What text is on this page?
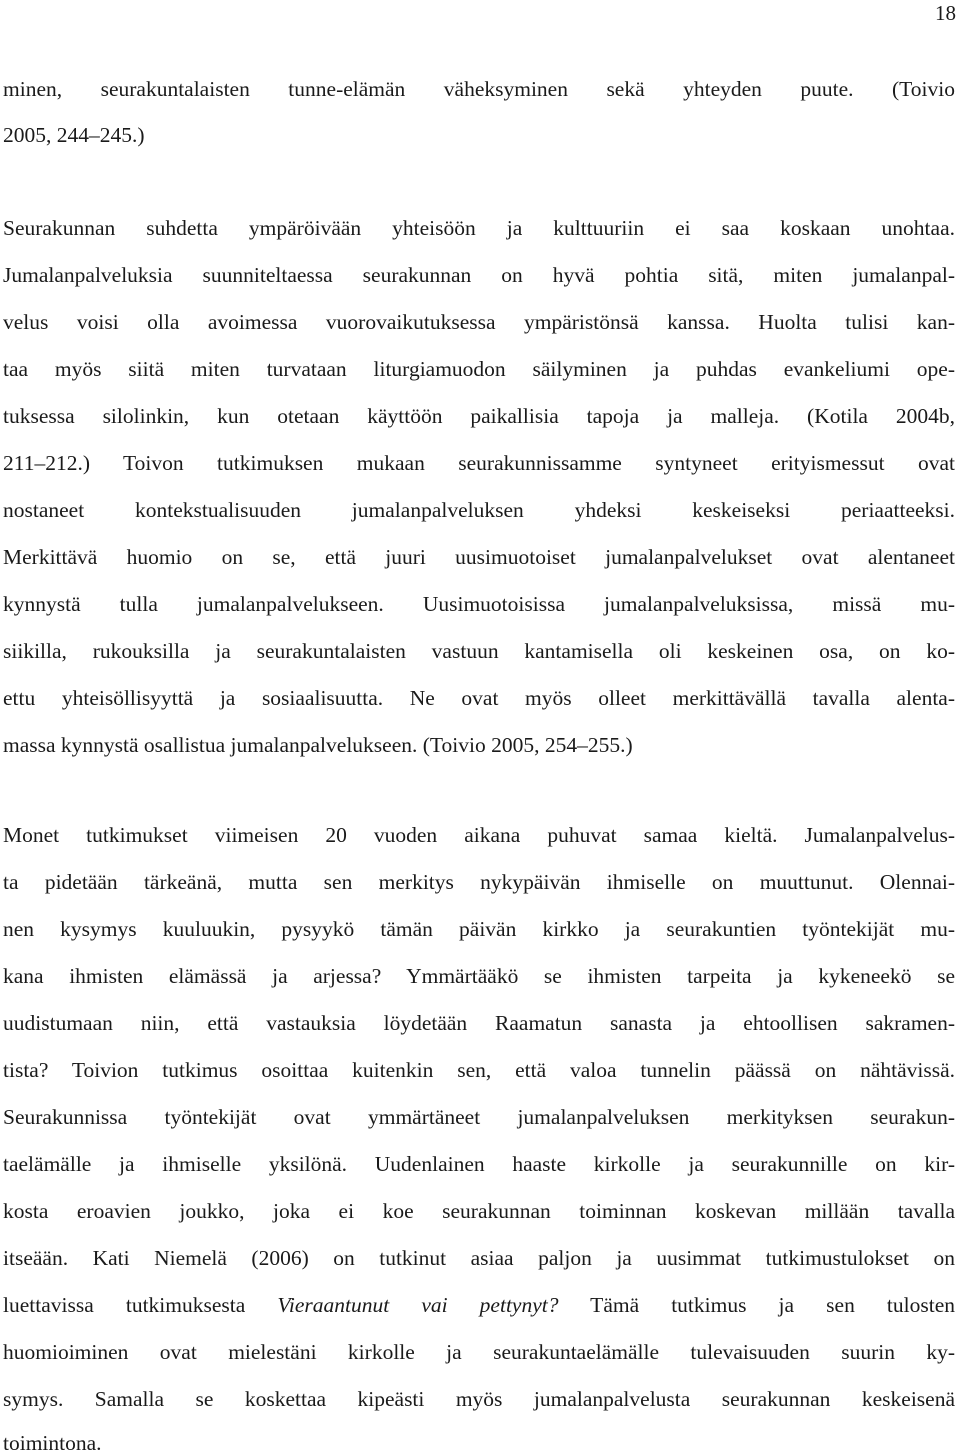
18
minen, seurakuntalaisten tunne-elämän väheksyminen sekä yhteyden puute. (Toivio
2005, 244–245.)
Seurakunnan suhdetta ympäröivään yhteisöön ja kulttuuriin ei saa koskaan unohtaa.
Jumalanpalveluksia suunniteltaessa seurakunnan on hyvä pohtia sitä, miten jumalanpal-
velus voisi olla avoimessa vuorovaikutuksessa ympäristönsä kanssa. Huolta tulisi kan-
taa myös siitä miten turvataan liturgiamuodon säilyminen ja puhdas evankeliumi ope-
tuksessa silolinkin, kun otetaan käyttöön paikallisia tapoja ja malleja. (Kotila 2004b,
211–212.) Toivon tutkimuksen mukaan seurakunnissamme syntyneet erityismessut ovat
nostaneet kontekstualisuuden jumalanpalveluksen yhdeksi keskeiseksi periaatteeksi.
Merkittävä huomio on se, että juuri uusimuotoiset jumalanpalvelukset ovat alentaneet
kynnystä tulla jumalanpalvelukseen. Uusimuotoisissa jumalanpalveluksissa, missä mu-
siikilla, rukouksilla ja seurakuntalaisten vastuun kantamisella oli keskeinen osa, on ko-
ettu yhteisöllisyyttä ja sosiaalisuutta. Ne ovat myös olleet merkittävällä tavalla alenta-
massa kynnystä osallistua jumalanpalvelukseen. (Toivio 2005, 254–255.)
Monet tutkimukset viimeisen 20 vuoden aikana puhuvat samaa kieltä. Jumalanpalvelus-
ta pidetään tärkeänä, mutta sen merkitys nykypäivän ihmiselle on muuttunut. Olennai-
nen kysymys kuuluukin, pysyykö tämän päivän kirkko ja seurakuntien työntekijät mu-
kana ihmisten elämässä ja arjessa? Ymmärtääkö se ihmisten tarpeita ja kykeneekö se
uudistumaan niin, että vastauksia löydetään Raamatun sanasta ja ehtoollisen sakramen-
tista? Toivion tutkimus osoittaa kuitenkin sen, että valoa tunnelin päässä on nähtävissä.
Seurakunnissa työntekijät ovat ymmärtäneet jumalanpalveluksen merkityksen seurakun-
taelämälle ja ihmiselle yksilönä. Uudenlainen haaste kirkolle ja seurakunnille on kir-
kosta eroavien joukko, joka ei koe seurakunnan toiminnan koskevan millään tavalla
itseään. Kati Niemelä (2006) on tutkinut asiaa paljon ja uusimmat tutkimustulokset on
luettavissa tutkimuksesta Vieraantunut vai pettynyt? Tämä tutkimus ja sen tulosten
huomioiminen ovat mielestäni kirkolle ja seurakuntaelämälle tulevaisuuden suurin ky-
symys. Samalla se koskettaa kipeästi myös jumalanpalvelusta seurakunnan keskeisenä
toimintona.
